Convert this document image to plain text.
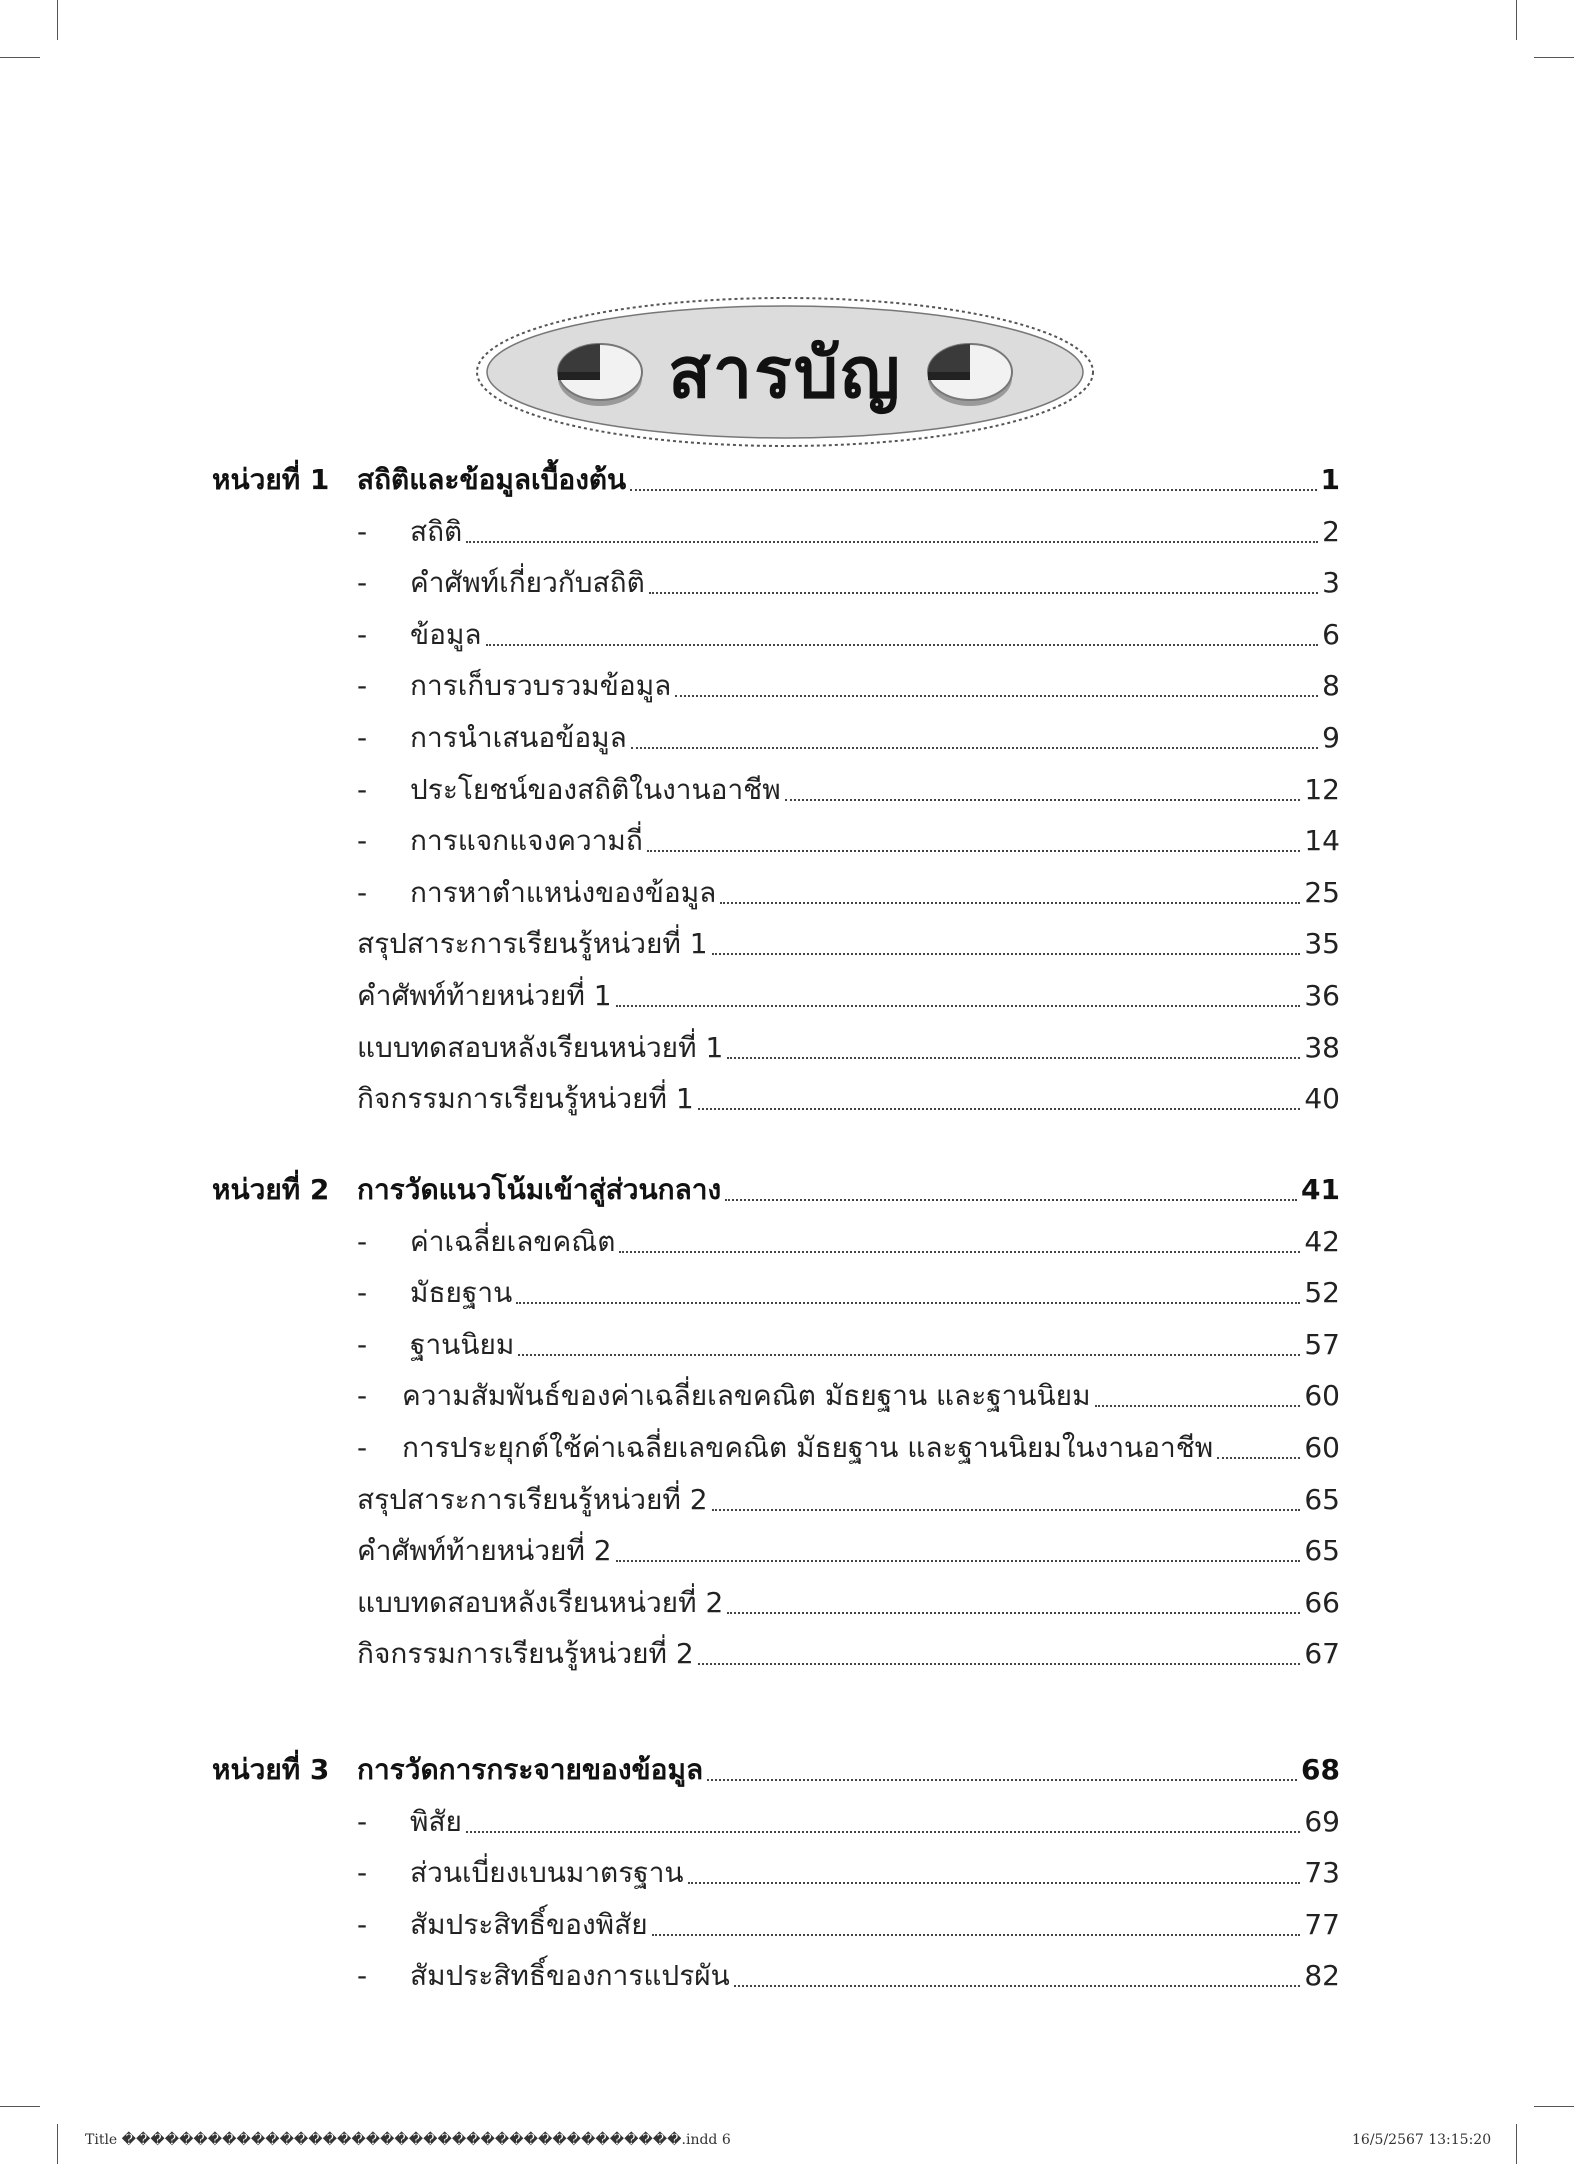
สารบัญ
หน่วยที่ 1 สถิติและข้อมูลเบื้องต้น	1
-	สถิติ	2
-	คำศัพท์เกี่ยวกับสถิติ	3
-	ข้อมูล	6
-	การเก็บรวบรวมข้อมูล	8
-	การนำเสนอข้อมูล	9
-	ประโยชน์ของสถิติในงานอาชีพ	12
-	การแจกแจงความถี่	14
-	การหาตำแหน่งของข้อมูล	25
สรุปสาระการเรียนรู้หน่วยที่ 1	35
คำศัพท์ท้ายหน่วยที่ 1	36
แบบทดสอบหลังเรียนหน่วยที่ 1	38
กิจกรรมการเรียนรู้หน่วยที่ 1	40
หน่วยที่ 2 การวัดแนวโน้มเข้าสู่ส่วนกลาง	41
-	ค่าเฉลี่ยเลขคณิต	42
-	มัธยฐาน	52
-	ฐานนิยม	57
-	ความสัมพันธ์ของค่าเฉลี่ยเลขคณิต มัธยฐาน และฐานนิยม	60
-	การประยุกต์ใช้ค่าเฉลี่ยเลขคณิต มัธยฐาน และฐานนิยมในงานอาชีพ	60
สรุปสาระการเรียนรู้หน่วยที่ 2	65
คำศัพท์ท้ายหน่วยที่ 2	65
แบบทดสอบหลังเรียนหน่วยที่ 2	66
กิจกรรมการเรียนรู้หน่วยที่ 2	67
หน่วยที่ 3 การวัดการกระจายของข้อมูล	68
-	พิสัย	69
-	ส่วนเบี่ยงเบนมาตรฐาน	73
-	สัมประสิทธิ์ของพิสัย	77
-	สัมประสิทธิ์ของการแปรผัน	82
Title ���������������������������������������.indd 6	16/5/2567 13:15:20
